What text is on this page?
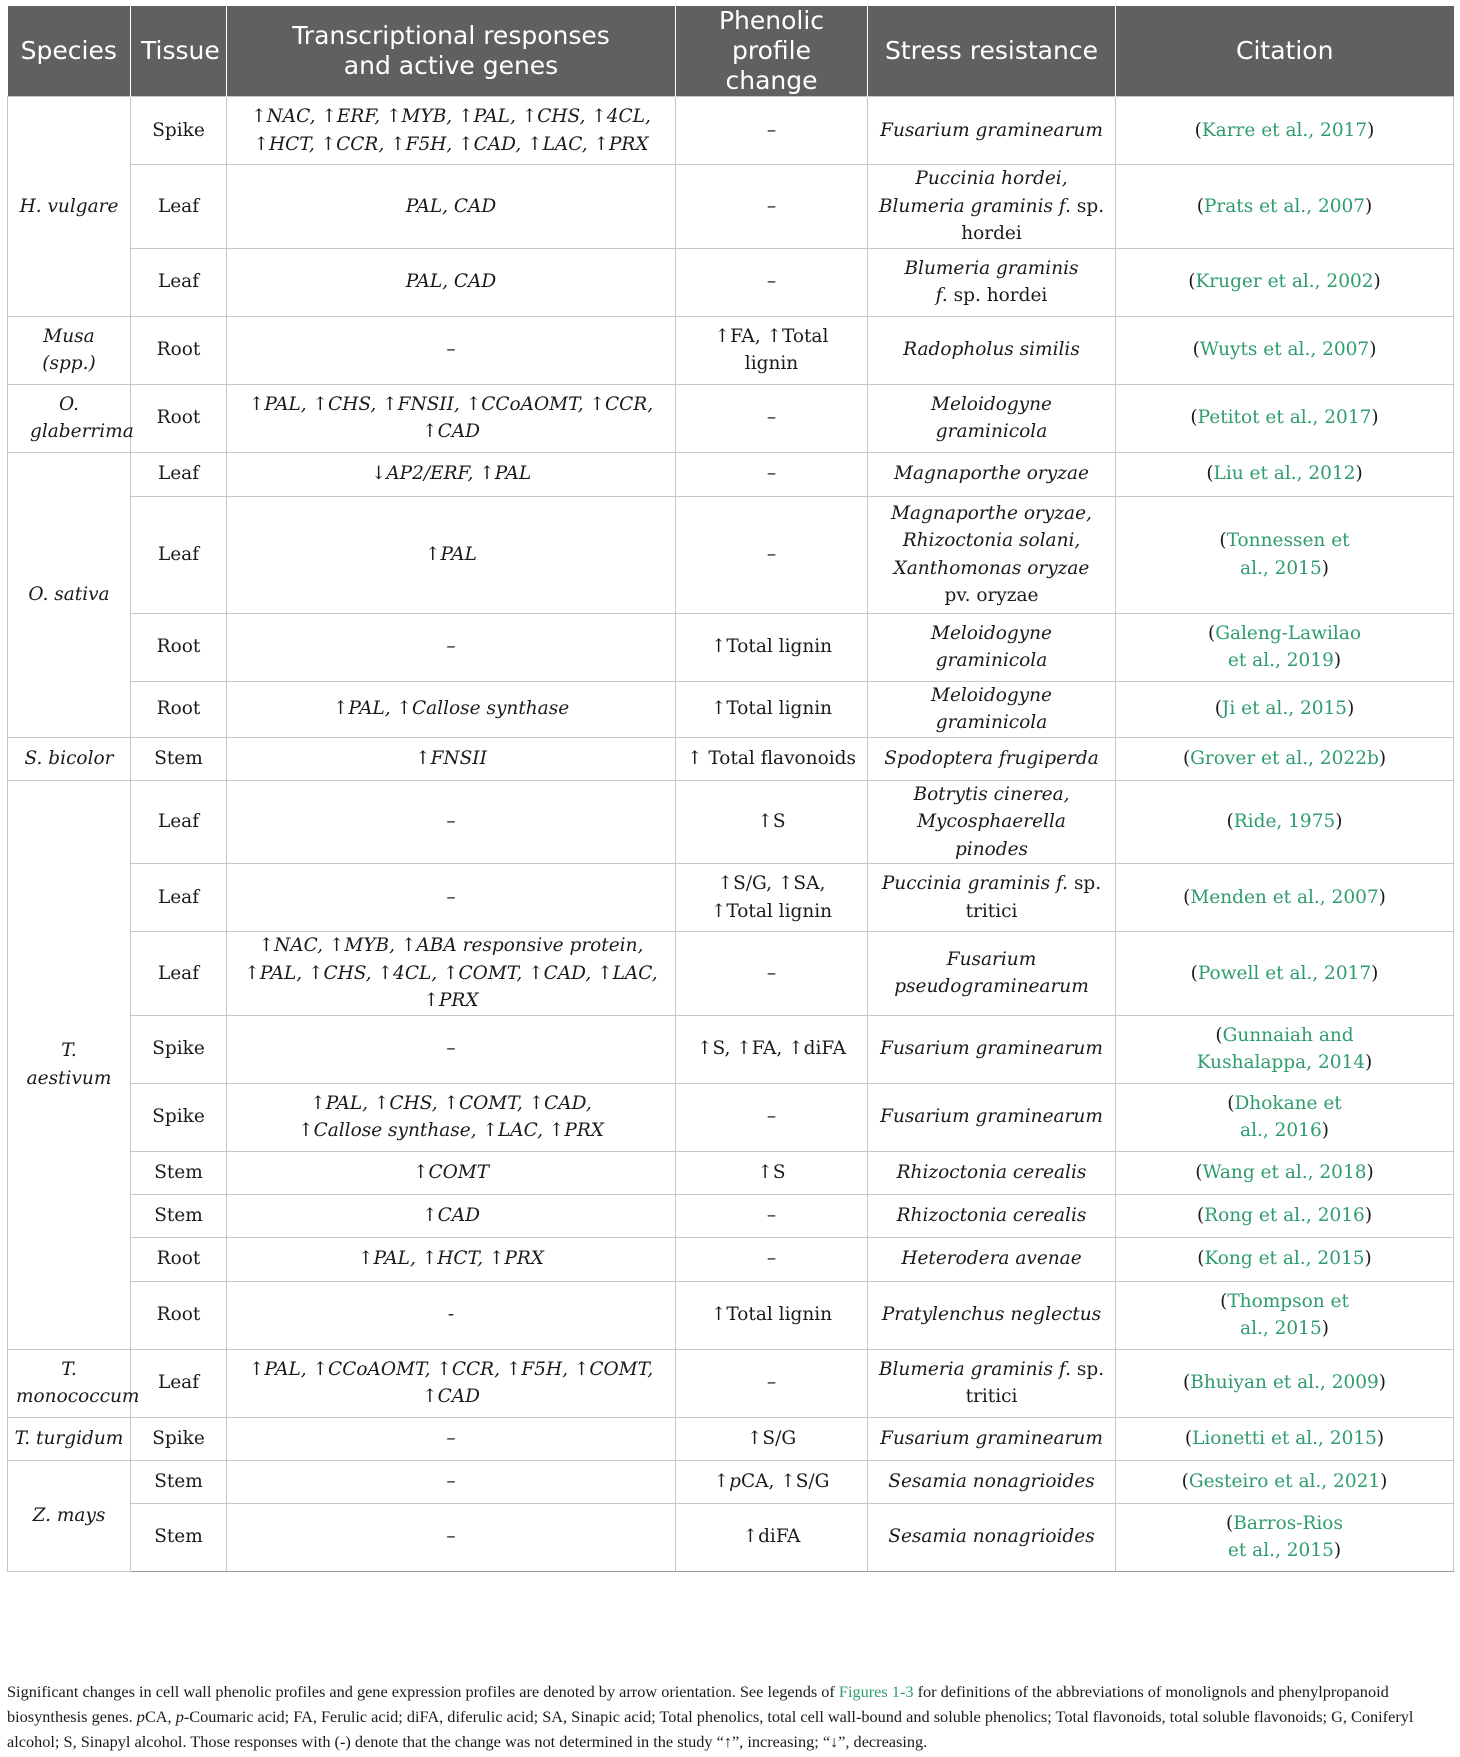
Species	Tissue	Transcriptional responses and active genes	Phenolic profile change	Stress resistance	Citation
H. vulgare	Spike	↑NAC, ↑ERF, ↑MYB, ↑PAL, ↑CHS, ↑4CL, ↑HCT, ↑CCR, ↑F5H, ↑CAD, ↑LAC, ↑PRX	–	Fusarium graminearum	(Karre et al., 2017)
	Leaf	PAL, CAD	–	Puccinia hordei, Blumeria graminis f. sp. hordei	(Prats et al., 2007)
	Leaf	PAL, CAD	–	Blumeria graminis f. sp. hordei	(Kruger et al., 2002)
Musa (spp.)	Root	–	↑FA, ↑Total lignin	Radopholus similis	(Wuyts et al., 2007)
O. glaberrima	Root	↑PAL, ↑CHS, ↑FNSII, ↑CCoAOMT, ↑CCR, ↑CAD	–	Meloidogyne graminicola	(Petitot et al., 2017)
O. sativa	Leaf	↓AP2/ERF, ↑PAL	–	Magnaporthe oryzae	(Liu et al., 2012)
	Leaf	↑PAL	–	Magnaporthe oryzae, Rhizoctonia solani, Xanthomonas oryzae pv. oryzae	(Tonnessen et al., 2015)
	Root	–	↑Total lignin	Meloidogyne graminicola	(Galeng-Lawilao et al., 2019)
	Root	↑PAL, ↑Callose synthase	↑Total lignin	Meloidogyne graminicola	(Ji et al., 2015)
S. bicolor	Stem	↑FNSII	↑ Total flavonoids	Spodoptera frugiperda	(Grover et al., 2022b)
T. aestivum	Leaf	–	↑S	Botrytis cinerea, Mycosphaerella pinodes	(Ride, 1975)
	Leaf	–	↑S/G, ↑SA, ↑Total lignin	Puccinia graminis f. sp. tritici	(Menden et al., 2007)
	Leaf	↑NAC, ↑MYB, ↑ABA responsive protein, ↑PAL, ↑CHS, ↑4CL, ↑COMT, ↑CAD, ↑LAC, ↑PRX	–	Fusarium pseudograminearum	(Powell et al., 2017)
	Spike	–	↑S, ↑FA, ↑diFA	Fusarium graminearum	(Gunnaiah and Kushalappa, 2014)
	Spike	↑PAL, ↑CHS, ↑COMT, ↑CAD, ↑Callose synthase, ↑LAC, ↑PRX	–	Fusarium graminearum	(Dhokane et al., 2016)
	Stem	↑COMT	↑S	Rhizoctonia cerealis	(Wang et al., 2018)
	Stem	↑CAD	–	Rhizoctonia cerealis	(Rong et al., 2016)
	Root	↑PAL, ↑HCT, ↑PRX	–	Heterodera avenae	(Kong et al., 2015)
	Root	-	↑Total lignin	Pratylenchus neglectus	(Thompson et al., 2015)
T. monococcum	Leaf	↑PAL, ↑CCoAOMT, ↑CCR, ↑F5H, ↑COMT, ↑CAD	–	Blumeria graminis f. sp. tritici	(Bhuiyan et al., 2009)
T. turgidum	Spike	–	↑S/G	Fusarium graminearum	(Lionetti et al., 2015)
Z. mays	Stem	–	↑pCA, ↑S/G	Sesamia nonagrioides	(Gesteiro et al., 2021)
	Stem	–	↑diFA	Sesamia nonagrioides	(Barros-Rios et al., 2015)
Significant changes in cell wall phenolic profiles and gene expression profiles are denoted by arrow orientation. See legends of Figures 1-3 for definitions of the abbreviations of monolignols and phenylpropanoid biosynthesis genes. pCA, p-Coumaric acid; FA, Ferulic acid; diFA, diferulic acid; SA, Sinapic acid; Total phenolics, total cell wall-bound and soluble phenolics; Total flavonoids, total soluble flavonoids; G, Coniferyl alcohol; S, Sinapyl alcohol. Those responses with (-) denote that the change was not determined in the study “↑”, increasing; “↓”, decreasing.
